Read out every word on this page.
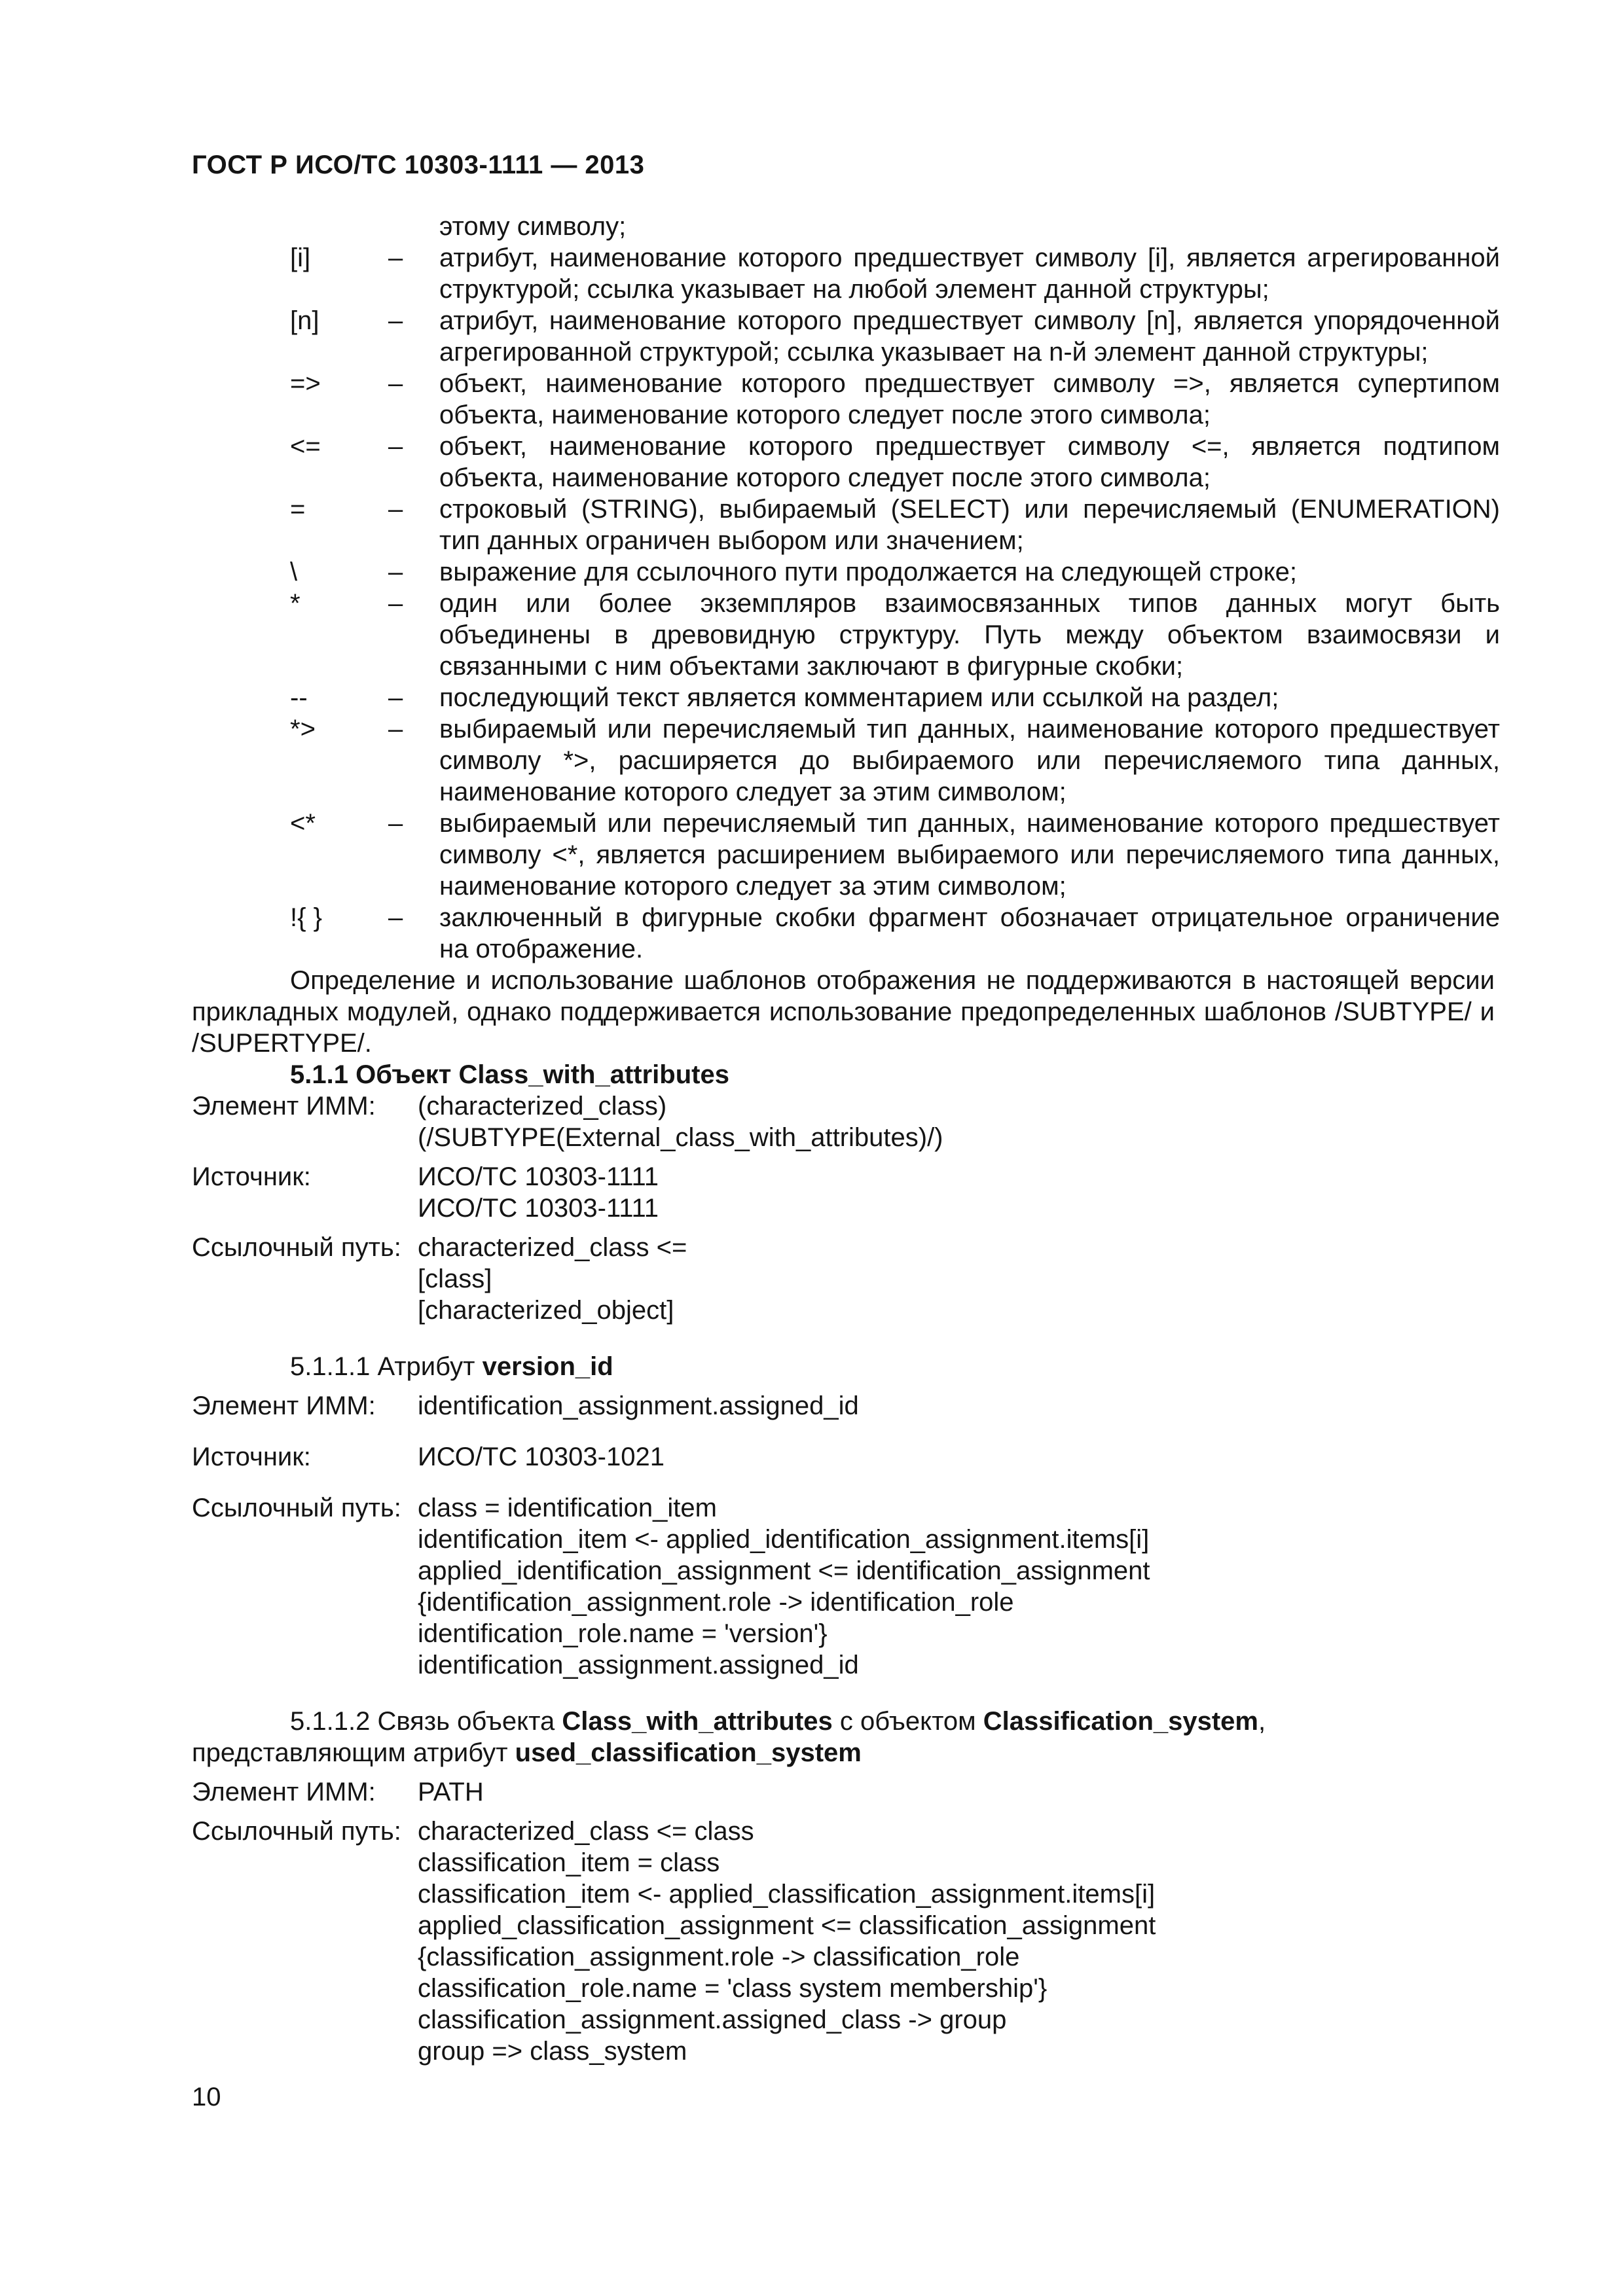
ГОСТ Р ИСО/ТС 10303-1111 — 2013
этому символу;
[i]	–	атрибут, наименование которого предшествует символу [i], является агрегированной
структурой; ссылка указывает на любой элемент данной структуры;
[n]	–	атрибут, наименование которого предшествует символу [n], является упорядоченной
агрегированной структурой; ссылка указывает на n-й элемент данной структуры;
=>	–	объект, наименование которого предшествует символу =>, является супертипом
объекта, наименование которого следует после этого символа;
<=	–	объект, наименование которого предшествует символу <=, является подтипом
объекта, наименование которого следует после этого символа;
=	–	строковый (STRING), выбираемый (SELECT) или перечисляемый (ENUMERATION)
тип данных ограничен выбором или значением;
\	–	выражение для ссылочного пути продолжается на следующей строке;
*	–	один или более экземпляров взаимосвязанных типов данных могут быть
объединены в древовидную структуру. Путь между объектом взаимосвязи и
связанными с ним объектами заключают в фигурные скобки;
--	–	последующий текст является комментарием или ссылкой на раздел;
*>	–	выбираемый или перечисляемый тип данных, наименование которого предшествует
символу *>, расширяется до выбираемого или перечисляемого типа данных,
наименование которого следует за этим символом;
<*	–	выбираемый или перечисляемый тип данных, наименование которого предшествует
символу <*, является расширением выбираемого или перечисляемого типа данных,
наименование которого следует за этим символом;
!{ }	–	заключенный в фигурные скобки фрагмент обозначает отрицательное ограничение
на отображение.
Определение и использование шаблонов отображения не поддерживаются в настоящей версии прикладных модулей, однако поддерживается использование предопределенных шаблонов /SUBTYPE/ и /SUPERTYPE/.
5.1.1 Объект Class_with_attributes
Элемент ИММ:	(characterized_class)
(/SUBTYPE(External_class_with_attributes)/)
Источник:	ИСО/ТС 10303-1111
ИСО/ТС 10303-1111
Ссылочный путь: characterized_class <=
[class]
[characterized_object]
5.1.1.1 Атрибут version_id
Элемент ИММ:	identification_assignment.assigned_id
Источник:	ИСО/ТС 10303-1021
Ссылочный путь: class = identification_item
identification_item <- applied_identification_assignment.items[i]
applied_identification_assignment <= identification_assignment
{identification_assignment.role -> identification_role
identification_role.name = 'version'}
identification_assignment.assigned_id
5.1.1.2 Связь объекта Class_with_attributes с объектом Classification_system,
представляющим атрибут used_classification_system
Элемент ИММ:	PATH
Ссылочный путь: characterized_class <= class
classification_item = class
classification_item <- applied_classification_assignment.items[i]
applied_classification_assignment <= classification_assignment
{classification_assignment.role -> classification_role
classification_role.name = 'class system membership'}
classification_assignment.assigned_class -> group
group => class_system
10
